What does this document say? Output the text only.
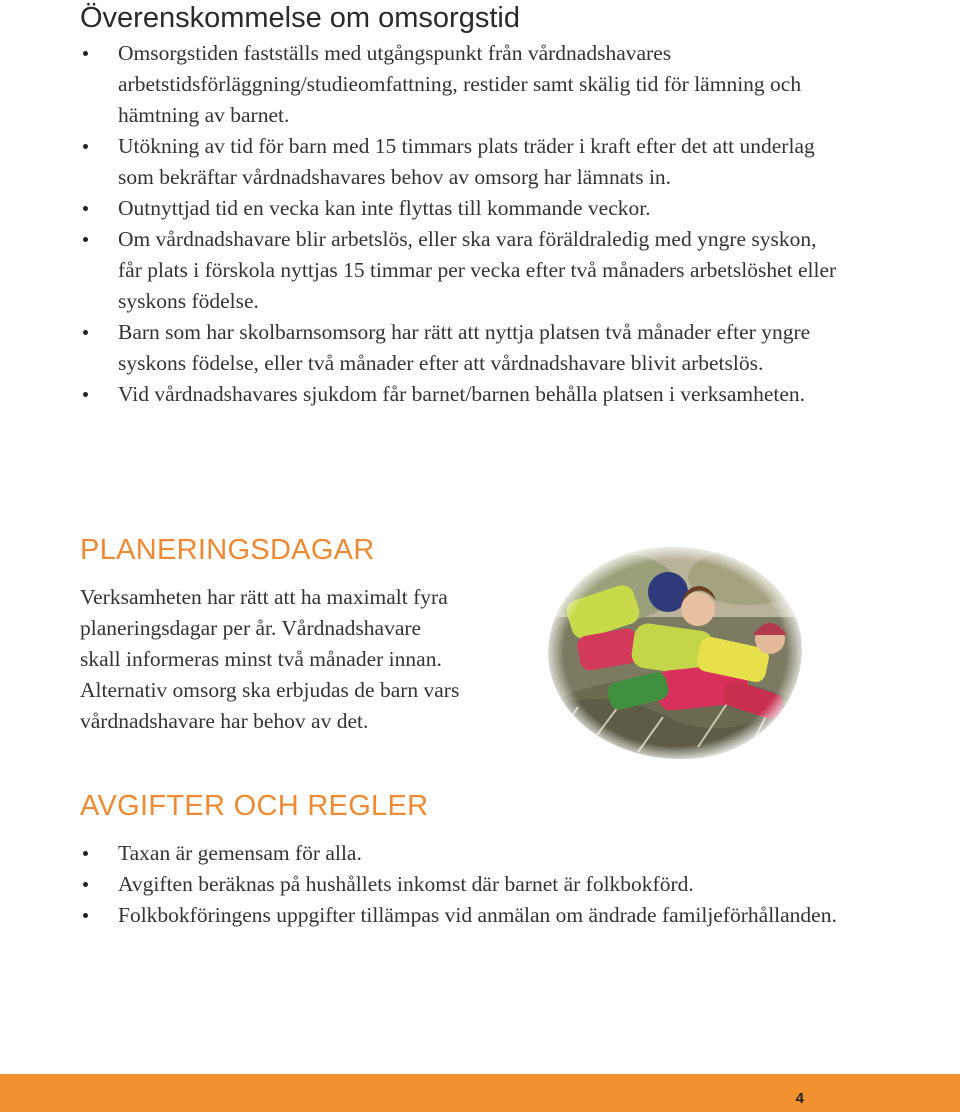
Överenskommelse om omsorgstid
Omsorgstiden fastställs med utgångspunkt från vårdnadshavares arbetstidsförläggning/studieomfattning, restider samt skälig tid för lämning och hämtning av barnet.
Utökning av tid för barn med 15 timmars plats träder i kraft efter det att underlag som bekräftar vårdnadshavares behov av omsorg har lämnats in.
Outnyttjad tid en vecka kan inte flyttas till kommande veckor.
Om vårdnadshavare blir arbetslös, eller ska vara föräldraledig med yngre syskon, får plats i förskola nyttjas 15 timmar per vecka efter två månaders arbetslöshet eller syskons födelse.
Barn som har skolbarnsomsorg har rätt att nyttja platsen två månader efter yngre syskons födelse, eller två månader efter att vårdnadshavare blivit arbetslös.
Vid vårdnadshavares sjukdom får barnet/barnen behålla platsen i verksamheten.
PLANERINGSDAGAR

Verksamheten har rätt att ha maximalt fyra
planeringsdagar per år. Vårdnadshavare
skall informeras minst två månader innan.
Alternativ omsorg ska erbjudas de barn vars
vårdnadshavare har behov av det.

AVGIFTER OCH REGLER
Taxan är gemensam för alla.
Avgiften beräknas på hushållets inkomst där barnet är folkbokförd.
Folkbokföringens uppgifter tillämpas vid anmälan om ändrade familjeförhållanden.
4
